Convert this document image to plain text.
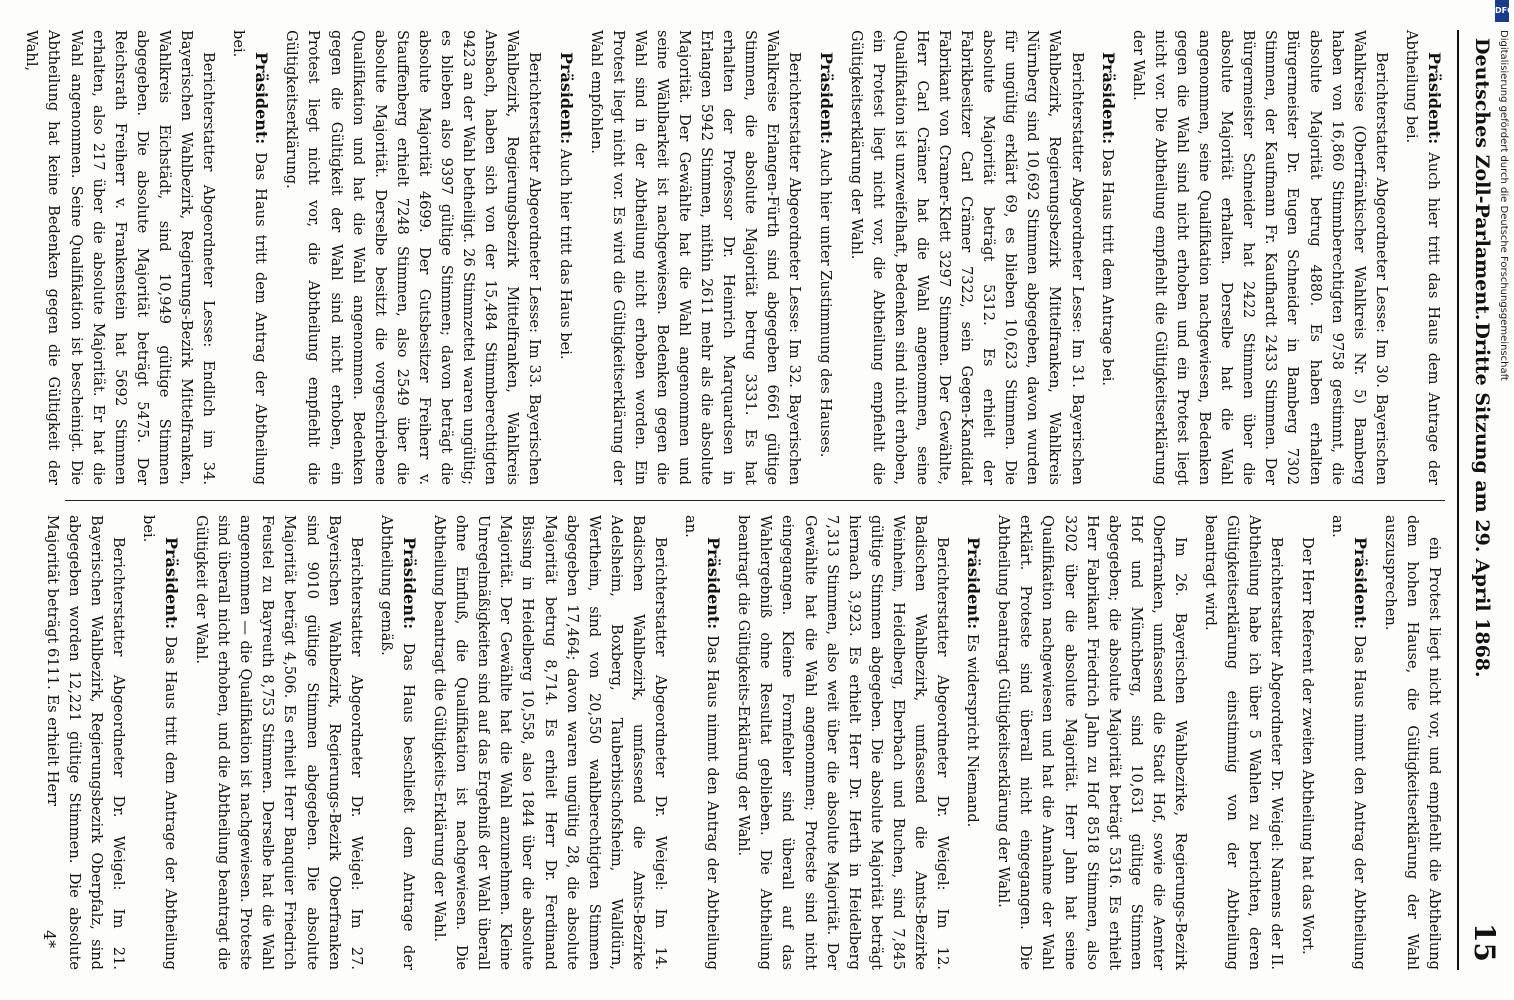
Deutsches Zoll-Parlament.
Dritte Sitzung am 29. April 1868.
15

Präsident: Auch hier tritt das Haus dem Antrage der Abtheilung bei.

Berichterstatter Abgeordneter Lesse: Im 30. Bayerischen Wahlkreise (Oberfränkischer Wahlkreis Nr. 5) Bamberg haben von 16,860 Stimmberechtigten 9758 gestimmt, die absolute Majorität betrug 4880. Es haben erhalten Bürgermeister Dr. Eugen Schneider in Bamberg 7302 Stimmen, der Kaufmann Fr. Kaufhardt 2433 Stimmen. Der Bürgermeister Schneider hat 2422 Stimmen über die absolute Majorität erhalten. Derselbe hat die Wahl angenommen, seine Qualifikation nachgewiesen, Bedenken gegen die Wahl sind nicht erhoben und ein Protest liegt nicht vor. Die Abtheilung empfiehlt die Gültigkeitserklärung der Wahl.

Präsident: Das Haus tritt dem Antrage bei.

Berichterstatter Abgeordneter Lesse: Im 31. Bayerischen Wahlbezirk, Regierungsbezirk Mittelfranken, Wahlkreis Nürnberg sind 10,692 Stimmen abgegeben, davon wurden für ungültig erklärt 69, es blieben 10,623 Stimmen. Die absolute Majorität beträgt 5312. Es erhielt der Fabrikbesitzer Carl Crämer 7322, sein Gegen-Kandidat Fabrikant von Cramer-Klett 3297 Stimmen. Der Gewählte, Herr Carl Crämer hat die Wahl angenommen, seine Qualifikation ist unzweifelhaft, Bedenken sind nicht erhoben, ein Protest liegt nicht vor, die Abtheilung empfiehlt die Gültigkeitserklärung der Wahl.

Präsident: Auch hier unter Zustimmung des Hauses.

Berichterstatter Abgeordneter Lesse: Im 32. Bayerischen Wahlkreise Erlangen-Fürth sind abgegeben 6661 gültige Stimmen, die absolute Majorität betrug 3331. Es hat erhalten der Professor Dr. Heinrich Marquardsen in Erlangen 5942 Stimmen, mithin 2611 mehr als die absolute Majorität. Der Gewählte hat die Wahl angenommen und seine Wählbarkeit ist nachgewiesen. Bedenken gegen die Wahl sind in der Abtheilung nicht erhoben worden. Ein Protest liegt nicht vor. Es wird die Gültigkeitserklärung der Wahl empfohlen.

Präsident: Auch hier tritt das Haus bei.

Berichterstatter Abgeordneter Lesse: Im 33. Bayerischen Wahlbezirk, Regierungsbezirk Mittelfranken, Wahlkreis Ansbach, haben sich von der 15,484 Stimmberechtigten 9423 an der Wahl betheiligt. 26 Stimmzettel waren ungültig; es blieben also 9397 gültige Stimmen; davon beträgt die absolute Majorität 4699. Der Gutsbesitzer Freiherr v. Stauffenberg erhielt 7248 Stimmen, also 2549 über die absolute Majorität. Derselbe besitzt die vorgeschriebene Qualifikation und hat die Wahl angenommen. Bedenken gegen die Gültigkeit der Wahl sind nicht erhoben, ein Protest liegt nicht vor, die Abtheilung empfiehlt die Gültigkeitserklärung.

Präsident: Das Haus tritt dem Antrag der Abtheilung bei.

Berichterstatter Abgeordneter Lesse: Endlich im 34. Bayerischen Wahlbezirk, Regierungs-Bezirk Mittelfranken, Wahlkreis Eichstädt, sind 10,949 gültige Stimmen abgegeben. Die absolute Majorität beträgt 5475. Der Reichsrath Freiherr v. Frankenstein hat 5692 Stimmen erhalten, also 217 über die absolute Majorität. Er hat die Wahl angenommen. Seine Qualifikation ist bescheinigt. Die Abtheilung hat keine Bedenken gegen die Gültigkeit der Wahl,

ein Protest liegt nicht vor, und empfiehlt die Abtheilung dem hohen Hause, die Gültigkeitserklärung der Wahl auszusprechen.

Präsident: Das Haus nimmt den Antrag der Abtheilung an.

Der Herr Referent der zweiten Abtheilung hat das Wort.

Berichterstatter Abgeordneter Dr. Weigel: Namens der II. Abtheilung habe ich über 5 Wahlen zu berichten, deren Gültigkeitserklärung einstimmig von der Abtheilung beantragt wird.

Im 26. Bayerischen Wahlbezirke, Regierungs-Bezirk Oberfranken, umfassend die Stadt Hof, sowie die Aemter Hof und Münchberg, sind 10,631 gültige Stimmen abgegeben; die absolute Majorität beträgt 5316. Es erhielt Herr Fabrikant Friedrich Jahn zu Hof 8518 Stimmen, also 3202 über die absolute Majorität. Herr Jahn hat seine Qualifikation nachgewiesen und hat die Annahme der Wahl erklärt. Proteste sind überall nicht eingegangen. Die Abtheilung beantragt Gültigkeitserklärung der Wahl.

Präsident: Es widerspricht Niemand.

Berichterstatter Abgeordneter Dr. Weigel: Im 12. Badischen Wahlbezirk, umfassend die Amts-Bezirke Weinheim, Heidelberg, Eberbach und Buchen, sind 7,845 gültige Stimmen abgegeben. Die absolute Majorität beträgt hiernach 3,923. Es erhielt Herr Dr. Herth in Heidelberg 7,313 Stimmen, also weit über die absolute Majorität. Der Gewählte hat die Wahl angenommen; Proteste sind nicht eingegangen. Kleine Formfehler sind überall auf das Wahlergebniß ohne Resultat geblieben. Die Abtheilung beantragt die Gültigkeits-Erklärung der Wahl.

Präsident: Das Haus nimmt den Antrag der Abtheilung an.

Berichterstatter Abgeordneter Dr. Weigel: Im 14. Badischen Wahlbezirk, umfassend die Amts-Bezirke Adelsheim, Boxberg, Tauberbischofsheim, Walldürn, Wertheim, sind von 20,550 wahlberechtigten Stimmen abgegeben 17,464; davon waren ungültig 28, die absolute Majorität betrug 8,714. Es erhielt Herr Dr. Ferdinand Bissing in Heidelberg 10,558, also 1844 über die absolute Majorität. Der Gewählte hat die Wahl anzunehmen. Kleine Unregelmäßigkeiten sind auf das Ergebniß der Wahl überall ohne Einfluß, die Qualifikation ist nachgewiesen. Die Abtheilung beantragt die Gültigkeits-Erklärung der Wahl.

Präsident: Das Haus beschließt dem Antrage der Abtheilung gemäß.

Berichterstatter Abgeordneter Dr. Weigel: Im 27. Bayerischen Wahlbezirk, Regierungs-Bezirk Oberfranken sind 9010 gültige Stimmen abgegeben. Die absolute Majorität beträgt 4,506. Es erhielt Herr Banquier Friedrich Feustel zu Bayreuth 8,753 Stimmen. Derselbe hat die Wahl angenommen — die Qualifikation ist nachgewiesen. Proteste sind überall nicht erhoben, und die Abtheilung beantragt die Gültigkeit der Wahl.

Präsident: Das Haus tritt dem Antrage der Abtheilung bei.

Berichterstatter Abgeordneter Dr. Weigel: Im 21. Bayerischen Wahlbezirk, Regierungsbezirk Oberpfalz, sind abgegeben worden 12,221 gültige Stimmen. Die absolute Majorität beträgt 6111. Es erhielt Herr

4*
Digitalisierung gefördert durch die Deutsche Forschungsgemeinschaft
DFG
